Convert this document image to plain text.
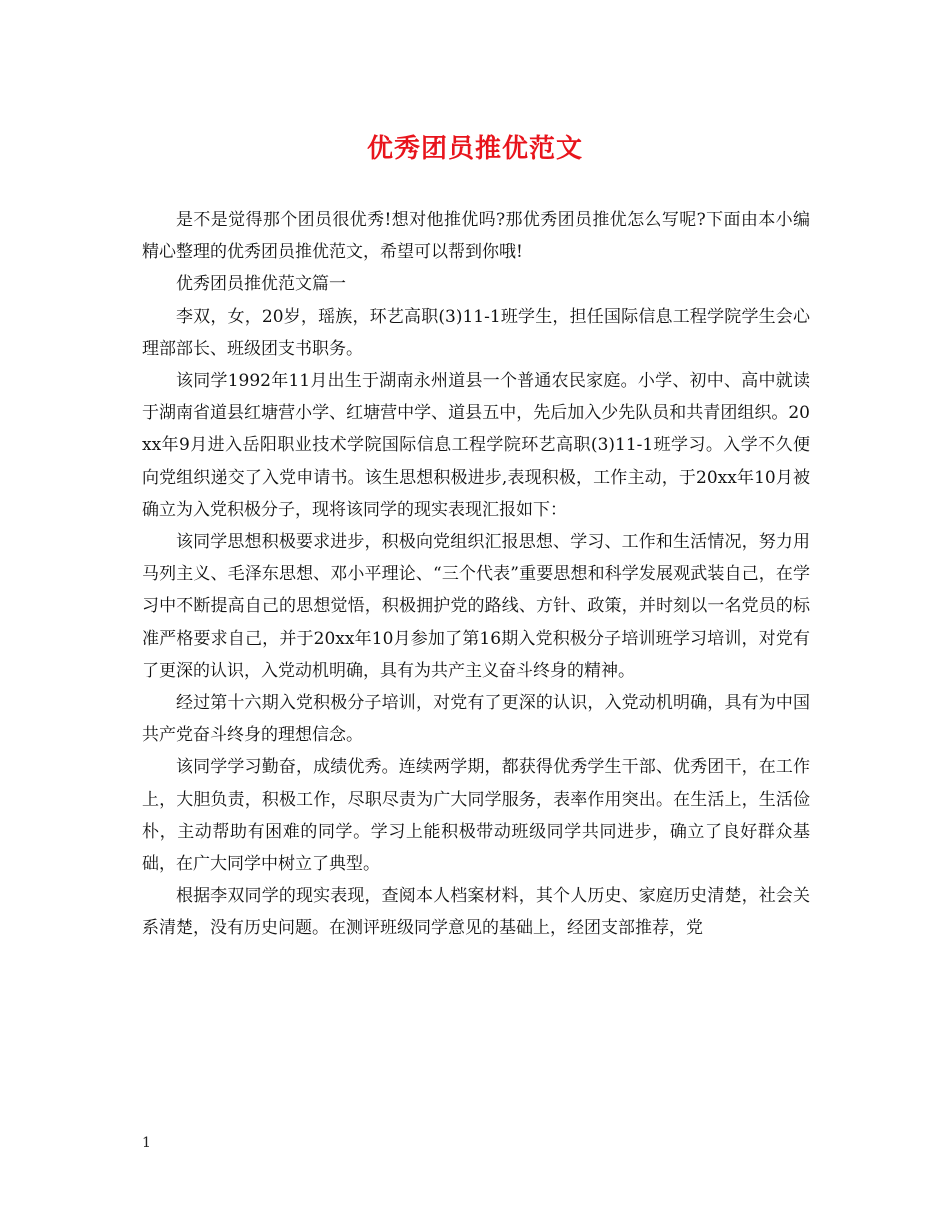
优秀团员推优范文

是不是觉得那个团员很优秀!想对他推优吗?那优秀团员推优怎么写呢?下面由本小编精心整理的优秀团员推优范文，希望可以帮到你哦!

优秀团员推优范文篇一

李双，女，20岁，瑶族，环艺高职(3)11-1班学生，担任国际信息工程学院学生会心理部部长、班级团支书职务。

该同学1992年11月出生于湖南永州道县一个普通农民家庭。小学、初中、高中就读于湖南省道县红塘营小学、红塘营中学、道县五中，先后加入少先队员和共青团组织。20xx年9月进入岳阳职业技术学院国际信息工程学院环艺高职(3)11-1班学习。入学不久便向党组织递交了入党申请书。该生思想积极进步,表现积极，工作主动，于20xx年10月被确立为入党积极分子，现将该同学的现实表现汇报如下：

该同学思想积极要求进步，积极向党组织汇报思想、学习、工作和生活情况，努力用马列主义、毛泽东思想、邓小平理论、“三个代表”重要思想和科学发展观武装自己，在学习中不断提高自己的思想觉悟，积极拥护党的路线、方针、政策，并时刻以一名党员的标准严格要求自己，并于20xx年10月参加了第16期入党积极分子培训班学习培训，对党有了更深的认识，入党动机明确，具有为共产主义奋斗终身的精神。

经过第十六期入党积极分子培训，对党有了更深的认识，入党动机明确，具有为中国共产党奋斗终身的理想信念。

该同学学习勤奋，成绩优秀。连续两学期，都获得优秀学生干部、优秀团干，在工作上，大胆负责，积极工作，尽职尽责为广大同学服务，表率作用突出。在生活上，生活俭朴，主动帮助有困难的同学。学习上能积极带动班级同学共同进步，确立了良好群众基础，在广大同学中树立了典型。

根据李双同学的现实表现，查阅本人档案材料，其个人历史、家庭历史清楚，社会关系清楚，没有历史问题。在测评班级同学意见的基础上，经团支部推荐，党

1
